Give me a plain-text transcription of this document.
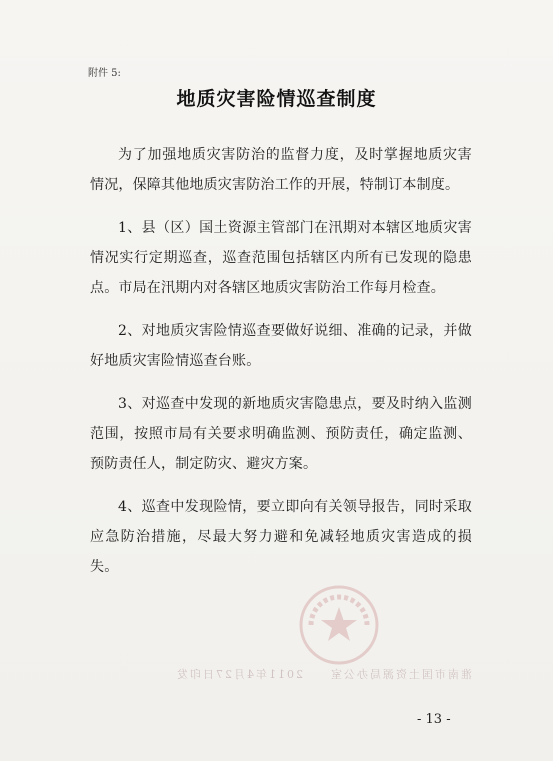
附件 5:
地质灾害险情巡查制度

为了加强地质灾害防治的监督力度，及时掌握地质灾害情况，保障其他地质灾害防治工作的开展，特制订本制度。

1、县（区）国土资源主管部门在汛期对本辖区地质灾害情况实行定期巡查，巡查范围包括辖区内所有已发现的隐患点。市局在汛期内对各辖区地质灾害防治工作每月检查。

2、对地质灾害险情巡查要做好说细、准确的记录，并做好地质灾害险情巡查台账。

3、对巡查中发现的新地质灾害隐患点，要及时纳入监测范围，按照市局有关要求明确监测、预防责任，确定监测、预防责任人，制定防灾、避灾方案。

4、巡查中发现险情，要立即向有关领导报告，同时采取应急防治措施，尽最大努力避和免减轻地质灾害造成的损失。

淮南市国土资源局办公室　　2011年4月27日印发
- 13 -
